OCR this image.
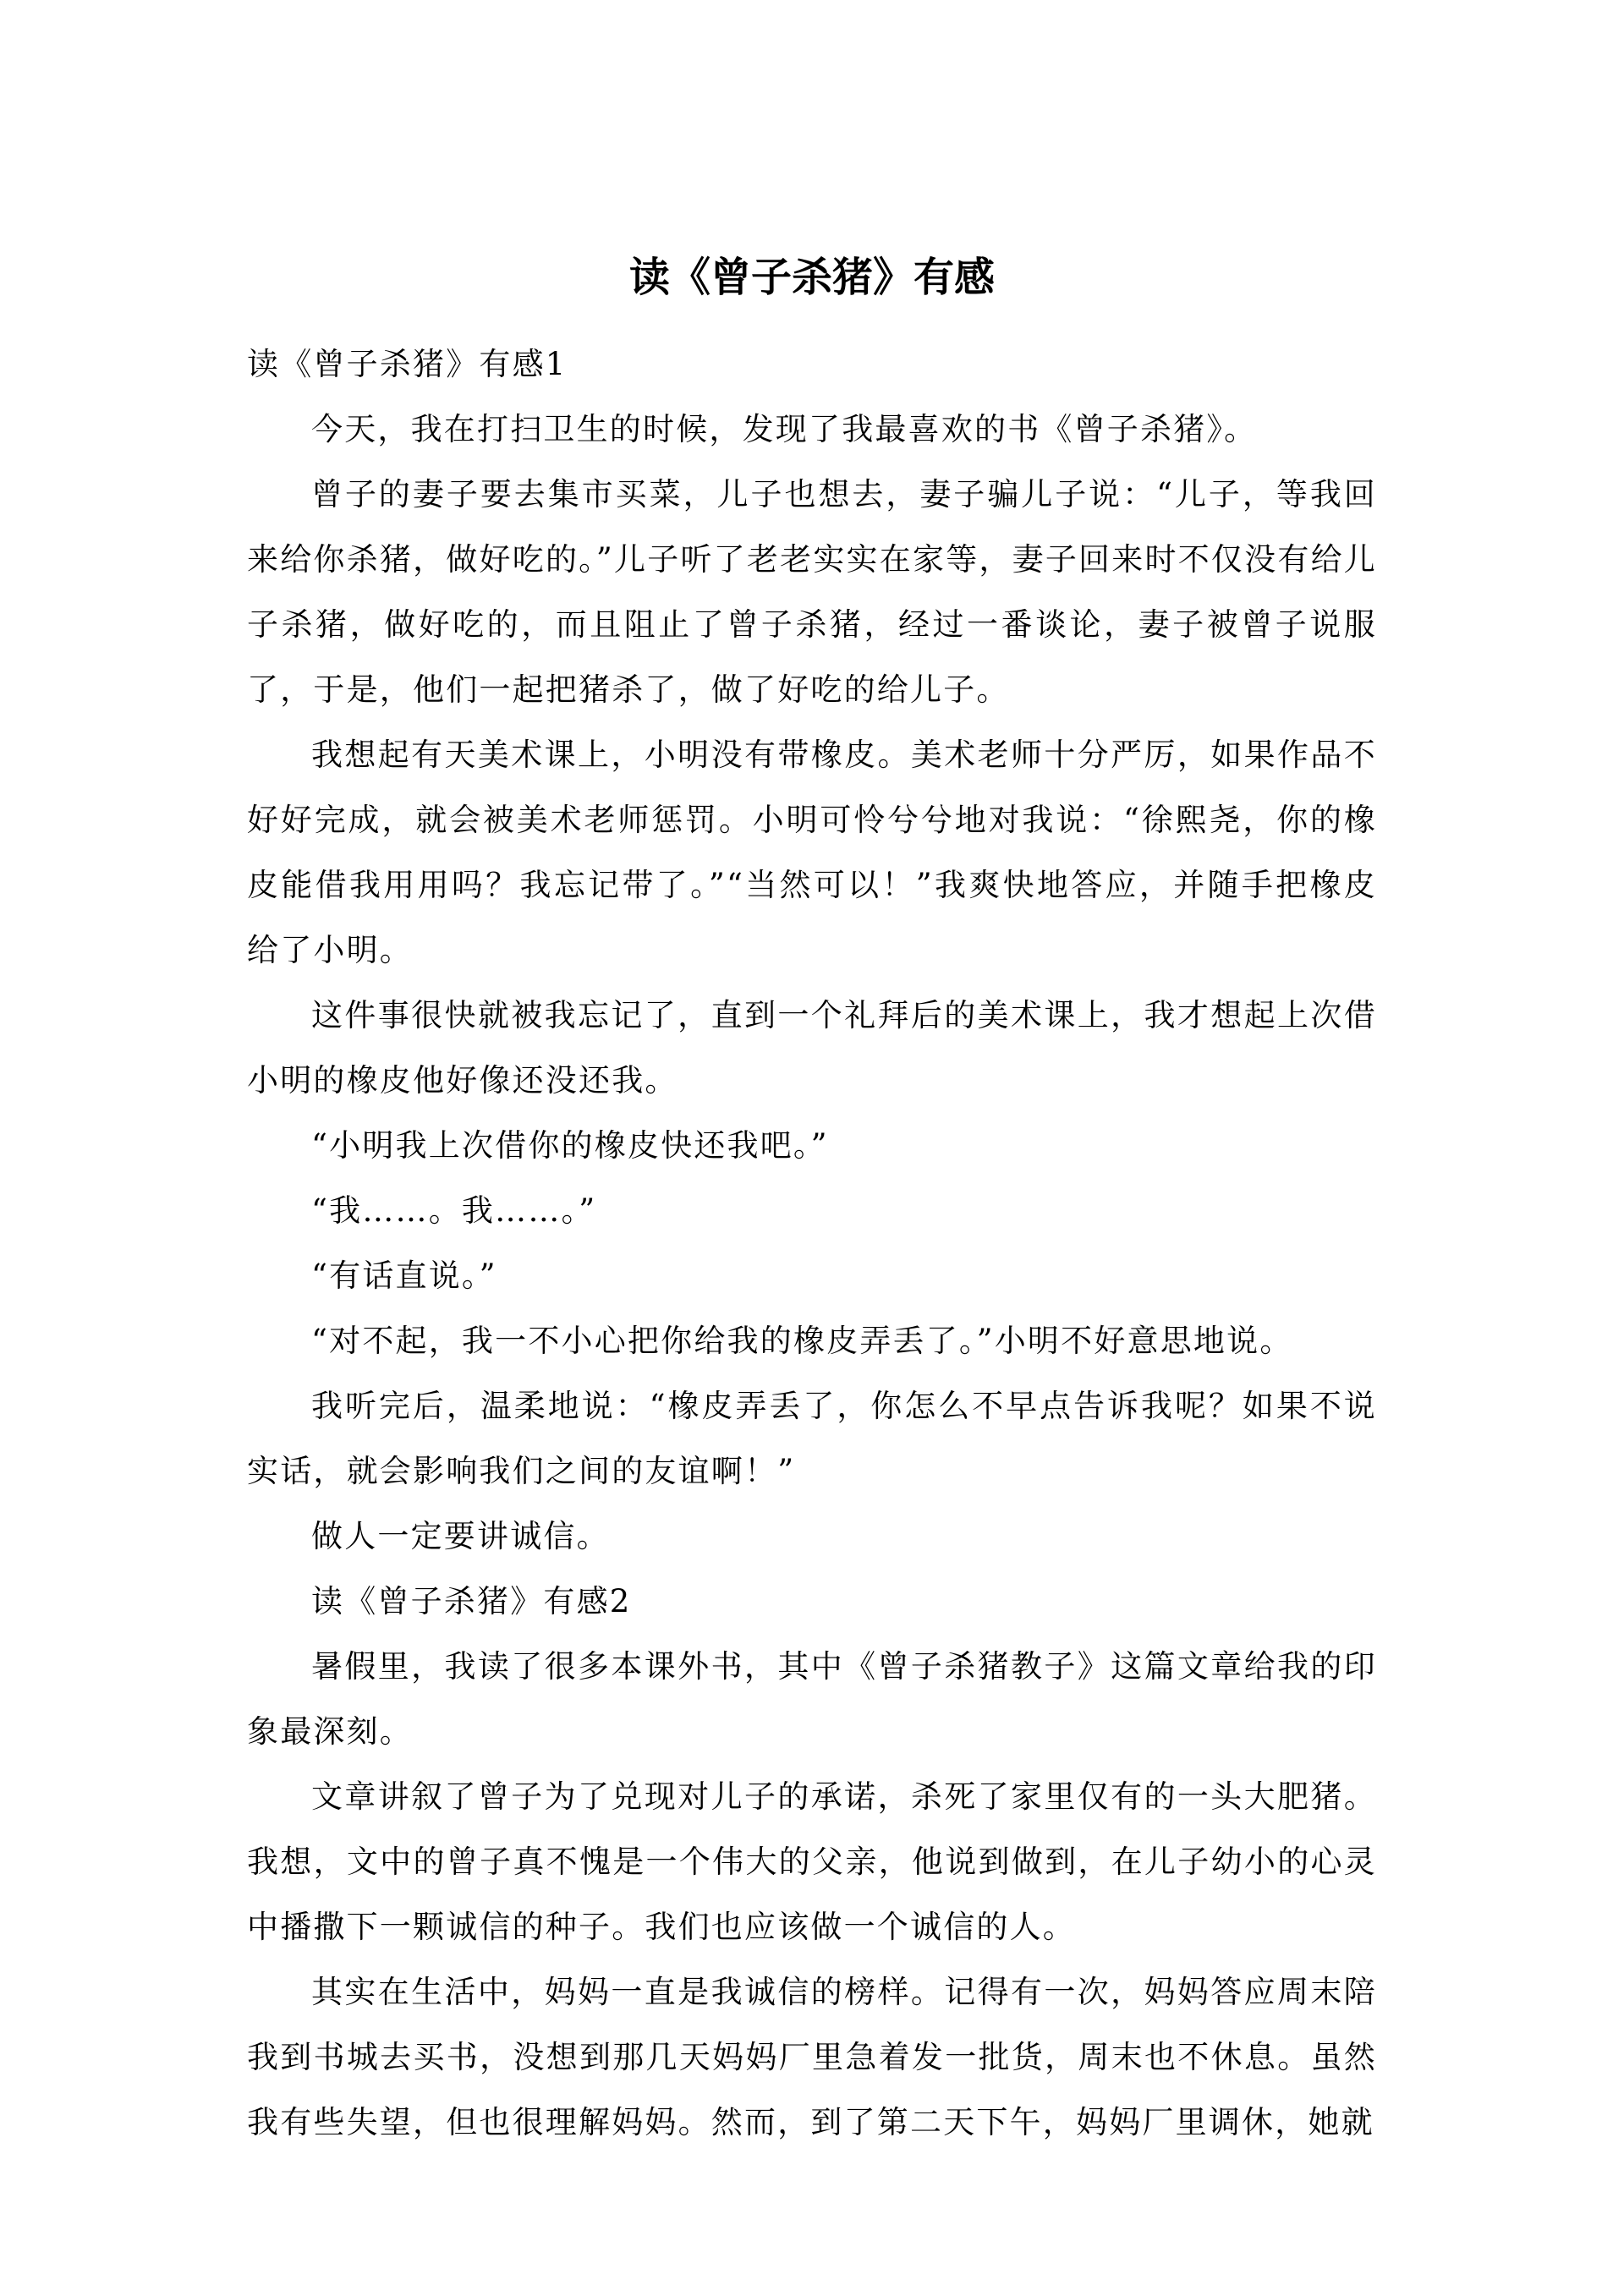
读《曾子杀猪》有感

读《曾子杀猪》有感1

今天，我在打扫卫生的时候，发现了我最喜欢的书《曾子杀猪》。

曾子的妻子要去集市买菜，儿子也想去，妻子骗儿子说：“儿子，等我回来给你杀猪，做好吃的。”儿子听了老老实实在家等，妻子回来时不仅没有给儿子杀猪，做好吃的，而且阻止了曾子杀猪，经过一番谈论，妻子被曾子说服了，于是，他们一起把猪杀了，做了好吃的给儿子。

我想起有天美术课上，小明没有带橡皮。美术老师十分严厉，如果作品不好好完成，就会被美术老师惩罚。小明可怜兮兮地对我说：“徐熙尧，你的橡皮能借我用用吗？我忘记带了。”“当然可以！”我爽快地答应，并随手把橡皮给了小明。

这件事很快就被我忘记了，直到一个礼拜后的美术课上，我才想起上次借小明的橡皮他好像还没还我。

“小明我上次借你的橡皮快还我吧。”

“我……。我……。”

“有话直说。”

“对不起，我一不小心把你给我的橡皮弄丢了。”小明不好意思地说。

我听完后，温柔地说：“橡皮弄丢了，你怎么不早点告诉我呢？如果不说实话，就会影响我们之间的友谊啊！”

做人一定要讲诚信。

读《曾子杀猪》有感2

暑假里，我读了很多本课外书，其中《曾子杀猪教子》这篇文章给我的印象最深刻。

文章讲叙了曾子为了兑现对儿子的承诺，杀死了家里仅有的一头大肥猪。我想，文中的曾子真不愧是一个伟大的父亲，他说到做到，在儿子幼小的心灵中播撒下一颗诚信的种子。我们也应该做一个诚信的人。

其实在生活中，妈妈一直是我诚信的榜样。记得有一次，妈妈答应周末陪我到书城去买书，没想到那几天妈妈厂里急着发一批货，周末也不休息。虽然我有些失望，但也很理解妈妈。然而，到了第二天下午，妈妈厂里调休，她就
